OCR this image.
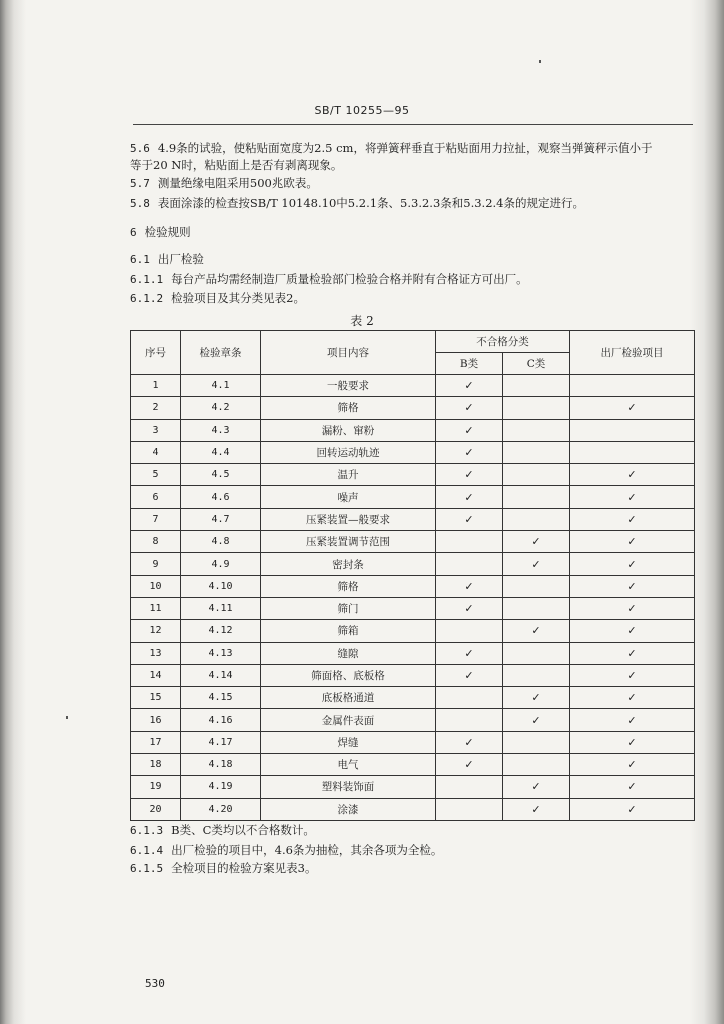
SB/T 10255—95
5.6 4.9条的试验，使粘贴面宽度为2.5 cm，将弹簧秤垂直于粘贴面用力拉扯，观察当弹簧秤示值小于
等于20 N时，粘贴面上是否有剥离现象。
5.7 测量绝缘电阻采用500兆欧表。
5.8 表面涂漆的检查按SB/T 10148.10中5.2.1条、5.3.2.3条和5.3.2.4条的规定进行。
6 检验规则
6.1 出厂检验
6.1.1 每台产品均需经制造厂质量检验部门检验合格并附有合格证方可出厂。
6.1.2 检验项目及其分类见表2。
表 2
序号	检验章条	项目内容	不合格分类		出厂检验项目
			B类	C类	
1	4.1	一般要求	✓		
2	4.2	筛格	✓		✓
3	4.3	漏粉、窜粉	✓		
4	4.4	回转运动轨迹	✓		
5	4.5	温升	✓		✓
6	4.6	噪声	✓		✓
7	4.7	压紧装置—般要求	✓		✓
8	4.8	压紧装置调节范围		✓	✓
9	4.9	密封条		✓	✓
10	4.10	筛格	✓		✓
11	4.11	筛门	✓		✓
12	4.12	筛箱		✓	✓
13	4.13	缝隙	✓		✓
14	4.14	筛面格、底板格	✓		✓
15	4.15	底板格通道		✓	✓
16	4.16	金属件表面		✓	✓
17	4.17	焊缝	✓		✓
18	4.18	电气	✓		✓
19	4.19	塑料装饰面		✓	✓
20	4.20	涂漆		✓	✓
6.1.3 B类、C类均以不合格数计。
6.1.4 出厂检验的项目中，4.6条为抽检，其余各项为全检。
6.1.5 全检项目的检验方案见表3。
530
